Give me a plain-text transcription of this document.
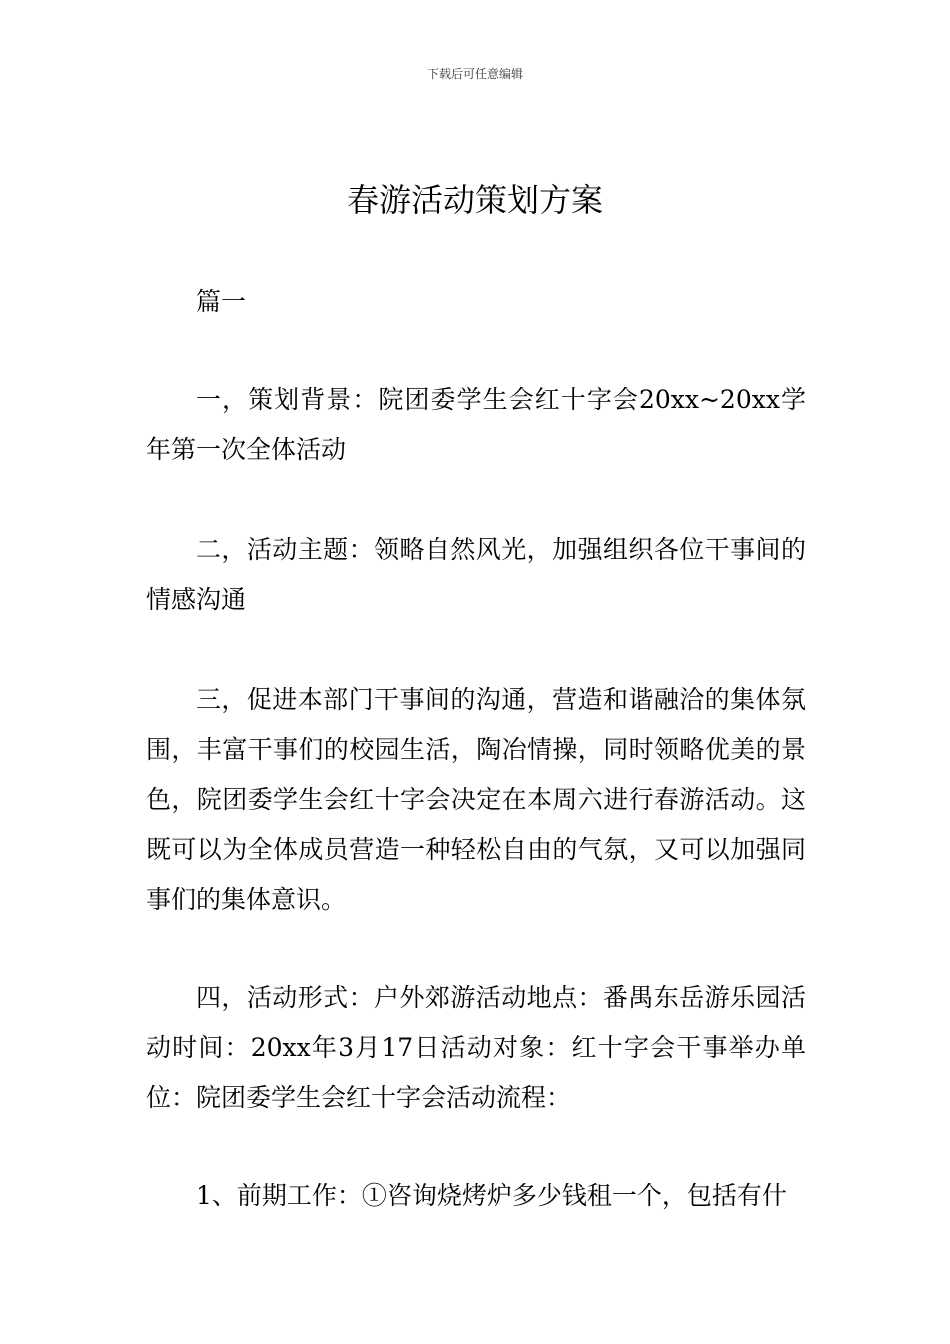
下载后可任意编辑
春游活动策划方案

篇一

一，策划背景：院团委学生会红十字会20xx~20xx学年第一次全体活动

二，活动主题：领略自然风光，加强组织各位干事间的情感沟通

三，促进本部门干事间的沟通，营造和谐融洽的集体氛围，丰富干事们的校园生活，陶冶情操，同时领略优美的景色，院团委学生会红十字会决定在本周六进行春游活动。这既可以为全体成员营造一种轻松自由的气氛，又可以加强同事们的集体意识。

四，活动形式：户外郊游活动地点：番禺东岳游乐园活动时间：20xx年3月17日活动对象：红十字会干事举办单位：院团委学生会红十字会活动流程：

1、前期工作：①咨询烧烤炉多少钱租一个，包括有什
